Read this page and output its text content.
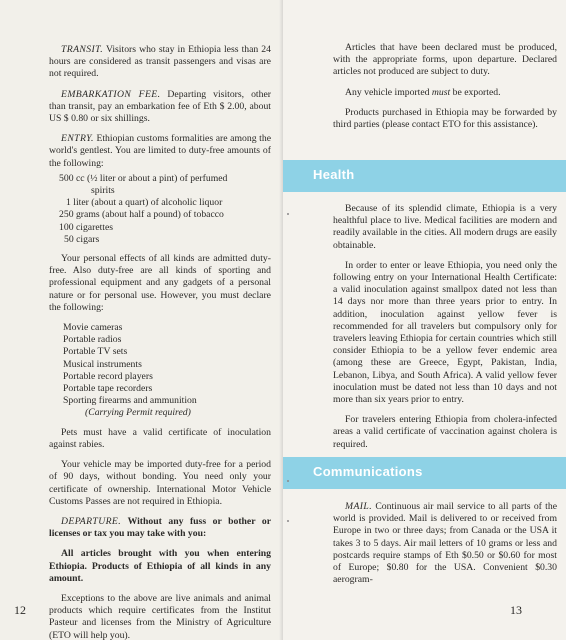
TRANSIT. Visitors who stay in Ethiopia less than 24 hours are considered as transit passengers and visas are not required.

EMBARKATION FEE. Departing visitors, other than transit, pay an embarkation fee of Eth $ 2.00, about US $ 0.80 or six shillings.

ENTRY. Ethiopian customs formalities are among the world's gentlest. You are limited to duty-free amounts of the following:

500 cc (½ liter or about a pint) of perfumed
spirits
1 liter (about a quart) of alcoholic liquor
250 grams (about half a pound) of tobacco
100 cigarettes
50 cigars

Your personal effects of all kinds are admitted duty-free. Also duty-free are all kinds of sporting and professional equipment and any gadgets of a personal nature or for personal use. However, you must declare the following:

Movie cameras
Portable radios
Portable TV sets
Musical instruments
Portable record players
Portable tape recorders
Sporting firearms and ammunition
(Carrying Permit required)

Pets must have a valid certificate of inoculation against rabies.

Your vehicle may be imported duty-free for a period of 90 days, without bonding. You need only your certificate of ownership. International Motor Vehicle Customs Passes are not required in Ethiopia.

DEPARTURE. Without any fuss or bother or licenses or tax you may take with you:

All articles brought with you when entering Ethiopia. Products of Ethiopia of all kinds in any amount.

Exceptions to the above are live animals and animal products which require certificates from the Institut Pasteur and licenses from the Ministry of Agriculture (ETO will help you).

12

Articles that have been declared must be produced, with the appropriate forms, upon departure. Declared articles not produced are subject to duty.

Any vehicle imported must be exported.

Products purchased in Ethiopia may be forwarded by third parties (please contact ETO for this assistance).

Health

Because of its splendid climate, Ethiopia is a very healthful place to live. Medical facilities are modern and readily available in the cities. All modern drugs are easily obtainable.

In order to enter or leave Ethiopia, you need only the following entry on your International Health Certificate: a valid inoculation against smallpox dated not less than 14 days nor more than three years prior to entry. In addition, inoculation against yellow fever is recommended for all travelers but compulsory only for travelers leaving Ethiopia for certain countries which still consider Ethiopia to be a yellow fever endemic area (among these are Greece, Egypt, Pakistan, India, Lebanon, Libya, and South Africa). A valid yellow fever inoculation must be dated not less than 10 days and not more than six years prior to entry.

For travelers entering Ethiopia from cholera-infected areas a valid certificate of vaccination against cholera is required.

Communications

MAIL. Continuous air mail service to all parts of the world is provided. Mail is delivered to or received from Europe in two or three days; from Canada or the USA it takes 3 to 5 days. Air mail letters of 10 grams or less and postcards require stamps of Eth $0.50 or $0.60 for most of Europe; $0.80 for the USA. Convenient $0.30 aerogram-

13
